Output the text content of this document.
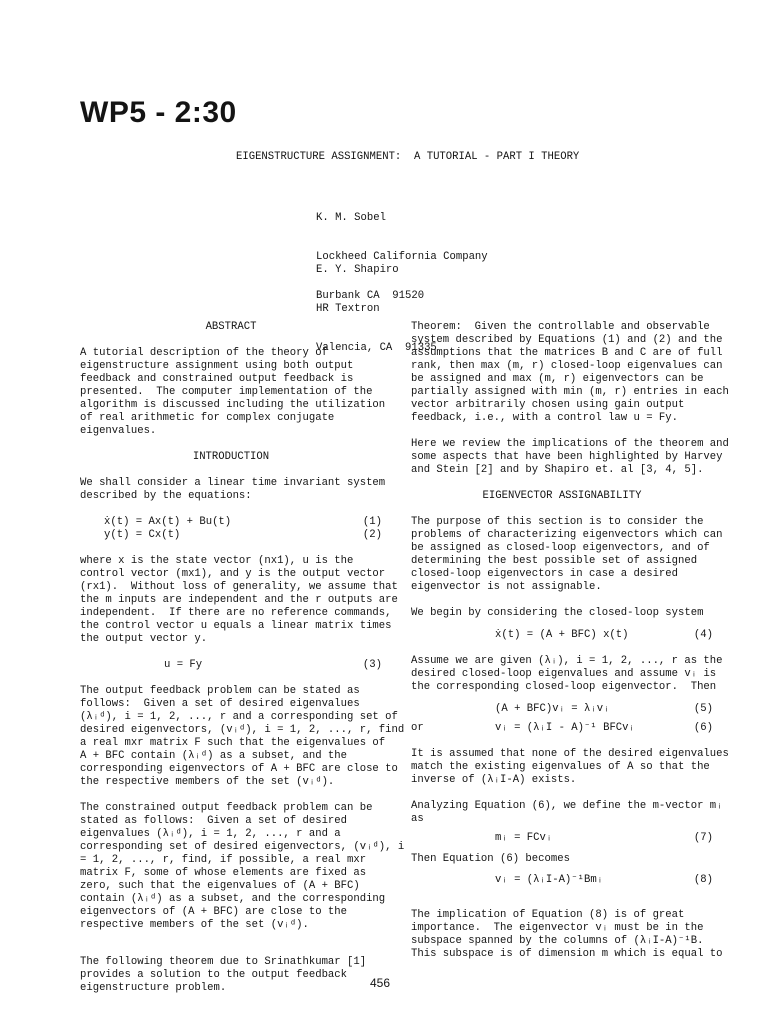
WP5 - 2:30
EIGENSTRUCTURE ASSIGNMENT:  A TUTORIAL - PART I THEORY

K. M. Sobel

Lockheed California Company

Burbank CA  91520

E. Y. Shapiro

HR Textron

Valencia, CA  91335

ABSTRACT

A tutorial description of the theory of

eigenstructure assignment using both output

feedback and constrained output feedback is

presented.  The computer implementation of the

algorithm is discussed including the utilization

of real arithmetic for complex conjugate

eigenvalues.

INTRODUCTION

We shall consider a linear time invariant system

described by the equations:

ẋ(t) = Ax(t) + Bu(t)	(1)
y(t) = Cx(t)	(2)

where x is the state vector (nx1), u is the

control vector (mx1), and y is the output vector

(rx1).  Without loss of generality, we assume that

the m inputs are independent and the r outputs are

independent.  If there are no reference commands,

the control vector u equals a linear matrix times

the output vector y.

u = Fy	(3)

The output feedback problem can be stated as

follows:  Given a set of desired eigenvalues

(λᵢᵈ), i = 1, 2, ..., r and a corresponding set of

desired eigenvectors, (vᵢᵈ), i = 1, 2, ..., r, find

a real mxr matrix F such that the eigenvalues of

A + BFC contain (λᵢᵈ) as a subset, and the

corresponding eigenvectors of A + BFC are close to

the respective members of the set (vᵢᵈ).

The constrained output feedback problem can be

stated as follows:  Given a set of desired

eigenvalues (λᵢᵈ), i = 1, 2, ..., r and a

corresponding set of desired eigenvectors, (vᵢᵈ), i

= 1, 2, ..., r, find, if possible, a real mxr

matrix F, some of whose elements are fixed as

zero, such that the eigenvalues of (A + BFC)

contain (λᵢᵈ) as a subset, and the corresponding

eigenvectors of (A + BFC) are close to the

respective members of the set (vᵢᵈ).

The following theorem due to Srinathkumar [1]

provides a solution to the output feedback

eigenstructure problem.

Theorem:  Given the controllable and observable

system described by Equations (1) and (2) and the

assumptions that the matrices B and C are of full

rank, then max (m, r) closed-loop eigenvalues can

be assigned and max (m, r) eigenvectors can be

partially assigned with min (m, r) entries in each

vector arbitrarily chosen using gain output

feedback, i.e., with a control law u = Fy.

Here we review the implications of the theorem and

some aspects that have been highlighted by Harvey

and Stein [2] and by Shapiro et. al [3, 4, 5].

EIGENVECTOR ASSIGNABILITY

The purpose of this section is to consider the

problems of characterizing eigenvectors which can

be assigned as closed-loop eigenvectors, and of

determining the best possible set of assigned

closed-loop eigenvectors in case a desired

eigenvector is not assignable.

We begin by considering the closed-loop system

ẋ(t) = (A + BFC) x(t)	(4)

Assume we are given (λᵢ), i = 1, 2, ..., r as the

desired closed-loop eigenvalues and assume vᵢ is

the corresponding closed-loop eigenvector.  Then

(A + BFC)vᵢ = λᵢvᵢ	(5)
or	vᵢ = (λᵢI - A)⁻¹ BFCvᵢ	(6)

It is assumed that none of the desired eigenvalues

match the existing eigenvalues of A so that the

inverse of (λᵢI-A) exists.

Analyzing Equation (6), we define the m-vector mᵢ

as

mᵢ = FCvᵢ	(7)

Then Equation (6) becomes

vᵢ = (λᵢI-A)⁻¹Bmᵢ	(8)

The implication of Equation (8) is of great

importance.  The eigenvector vᵢ must be in the

subspace spanned by the columns of (λᵢI-A)⁻¹B.

This subspace is of dimension m which is equal to

456
